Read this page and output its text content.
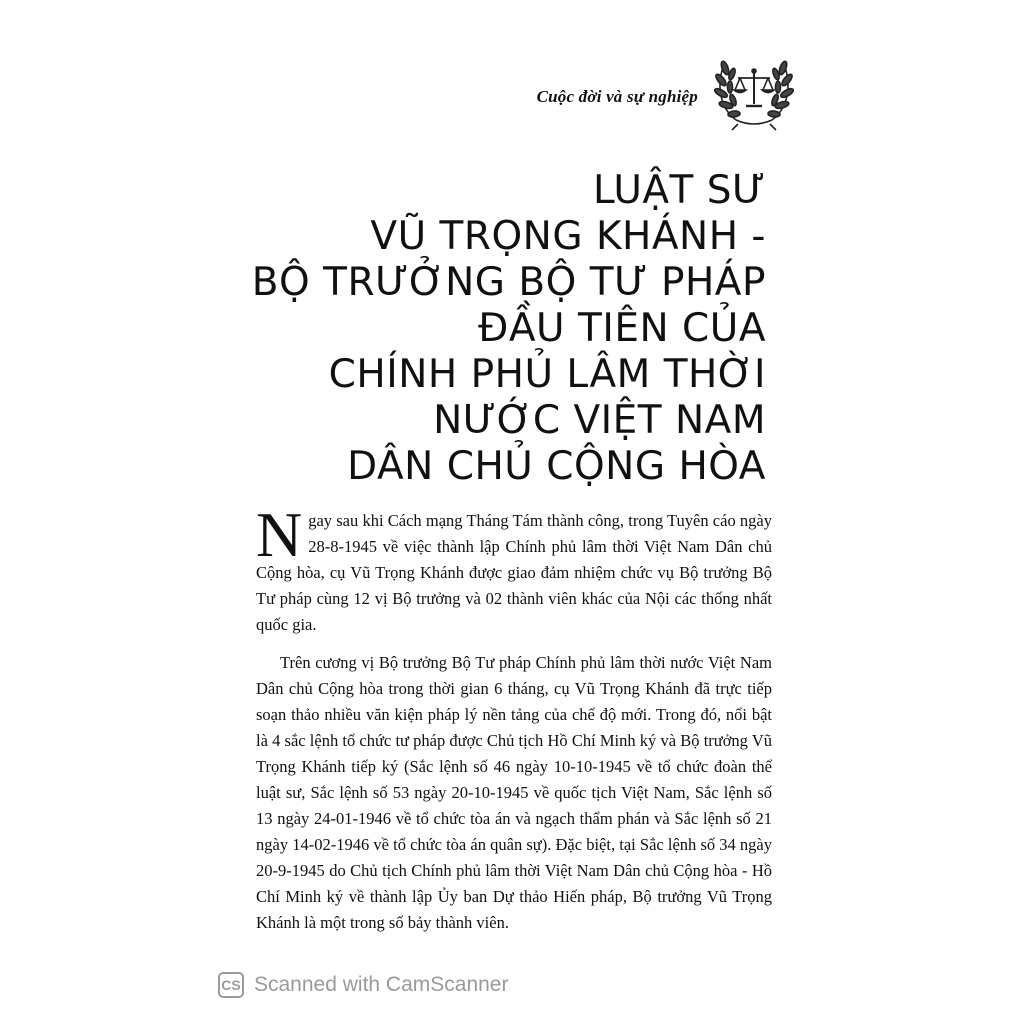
Cuộc đời và sự nghiệp
LUẬT SƯ
VŨ TRỌNG KHÁNH -
BỘ TRƯỞNG BỘ TƯ PHÁP
ĐẦU TIÊN CỦA
CHÍNH PHỦ LÂM THỜI
NƯỚC VIỆT NAM
DÂN CHỦ CỘNG HÒA

Ngay sau khi Cách mạng Tháng Tám thành công, trong Tuyên cáo ngày 28-8-1945 về việc thành lập Chính phủ lâm thời Việt Nam Dân chủ Cộng hòa, cụ Vũ Trọng Khánh được giao đảm nhiệm chức vụ Bộ trưởng Bộ Tư pháp cùng 12 vị Bộ trưởng và 02 thành viên khác của Nội các thống nhất quốc gia.

Trên cương vị Bộ trưởng Bộ Tư pháp Chính phủ lâm thời nước Việt Nam Dân chủ Cộng hòa trong thời gian 6 tháng, cụ Vũ Trọng Khánh đã trực tiếp soạn thảo nhiều văn kiện pháp lý nền tảng của chế độ mới. Trong đó, nổi bật là 4 sắc lệnh tổ chức tư pháp được Chủ tịch Hồ Chí Minh ký và Bộ trưởng Vũ Trọng Khánh tiếp ký (Sắc lệnh số 46 ngày 10-10-1945 về tổ chức đoàn thể luật sư, Sắc lệnh số 53 ngày 20-10-1945 về quốc tịch Việt Nam, Sắc lệnh số 13 ngày 24-01-1946 về tổ chức tòa án và ngạch thẩm phán và Sắc lệnh số 21 ngày 14-02-1946 về tổ chức tòa án quân sự). Đặc biệt, tại Sắc lệnh số 34 ngày 20-9-1945 do Chủ tịch Chính phủ lâm thời Việt Nam Dân chủ Cộng hòa - Hồ Chí Minh ký về thành lập Ủy ban Dự thảo Hiến pháp, Bộ trưởng Vũ Trọng Khánh là một trong số bảy thành viên.

CS Scanned with CamScanner
